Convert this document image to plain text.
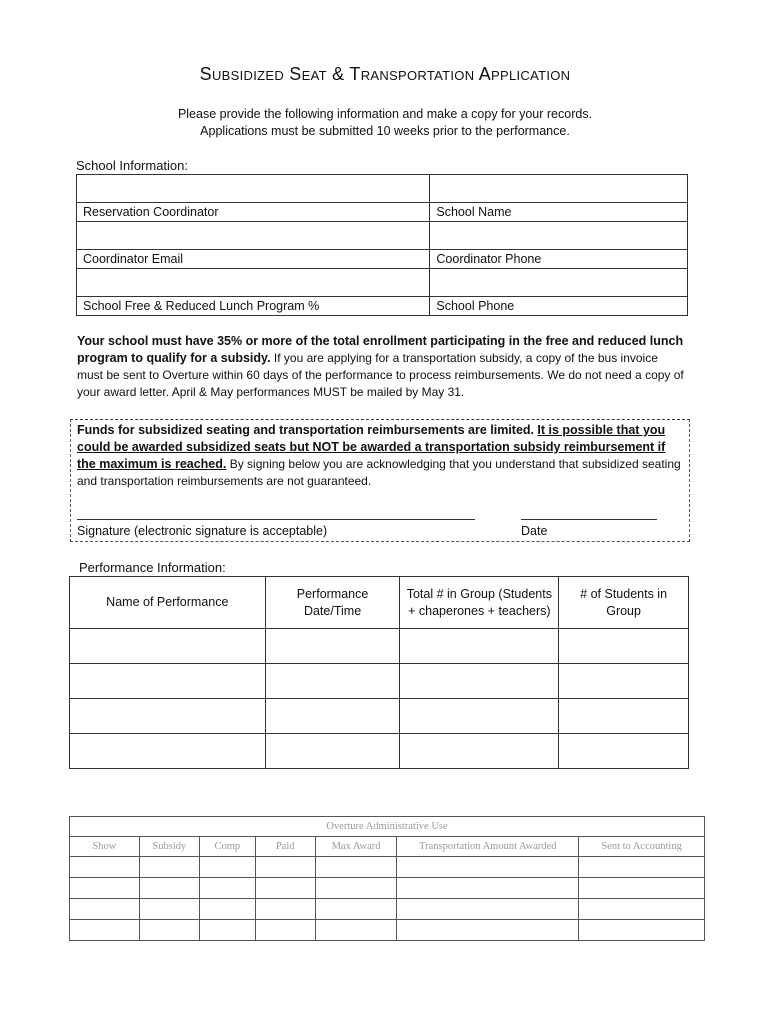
Subsidized Seat & Transportation Application
Please provide the following information and make a copy for your records.
Applications must be submitted 10 weeks prior to the performance.
School Information:

Reservation Coordinator	School Name

Coordinator Email	Coordinator Phone

School Free & Reduced Lunch Program %	School Phone
Your school must have 35% or more of the total enrollment participating in the free and reduced lunch program to qualify for a subsidy. If you are applying for a transportation subsidy, a copy of the bus invoice must be sent to Overture within 60 days of the performance to process reimbursements. We do not need a copy of your award letter. April & May performances MUST be mailed by May 31.
Funds for subsidized seating and transportation reimbursements are limited. It is possible that you could be awarded subsidized seats but NOT be awarded a transportation subsidy reimbursement if the maximum is reached. By signing below you are acknowledging that you understand that subsidized seating and transportation reimbursements are not guaranteed.
Signature (electronic signature is acceptable)	Date
Performance Information:
Name of Performance	Performance Date/Time	Total # in Group (Students + chaperones + teachers)	# of Students in Group

Overture Administrative Use						
Show	Subsidy	Comp	Paid	Max Award	Transportation Amount Awarded	Sent to Accounting
